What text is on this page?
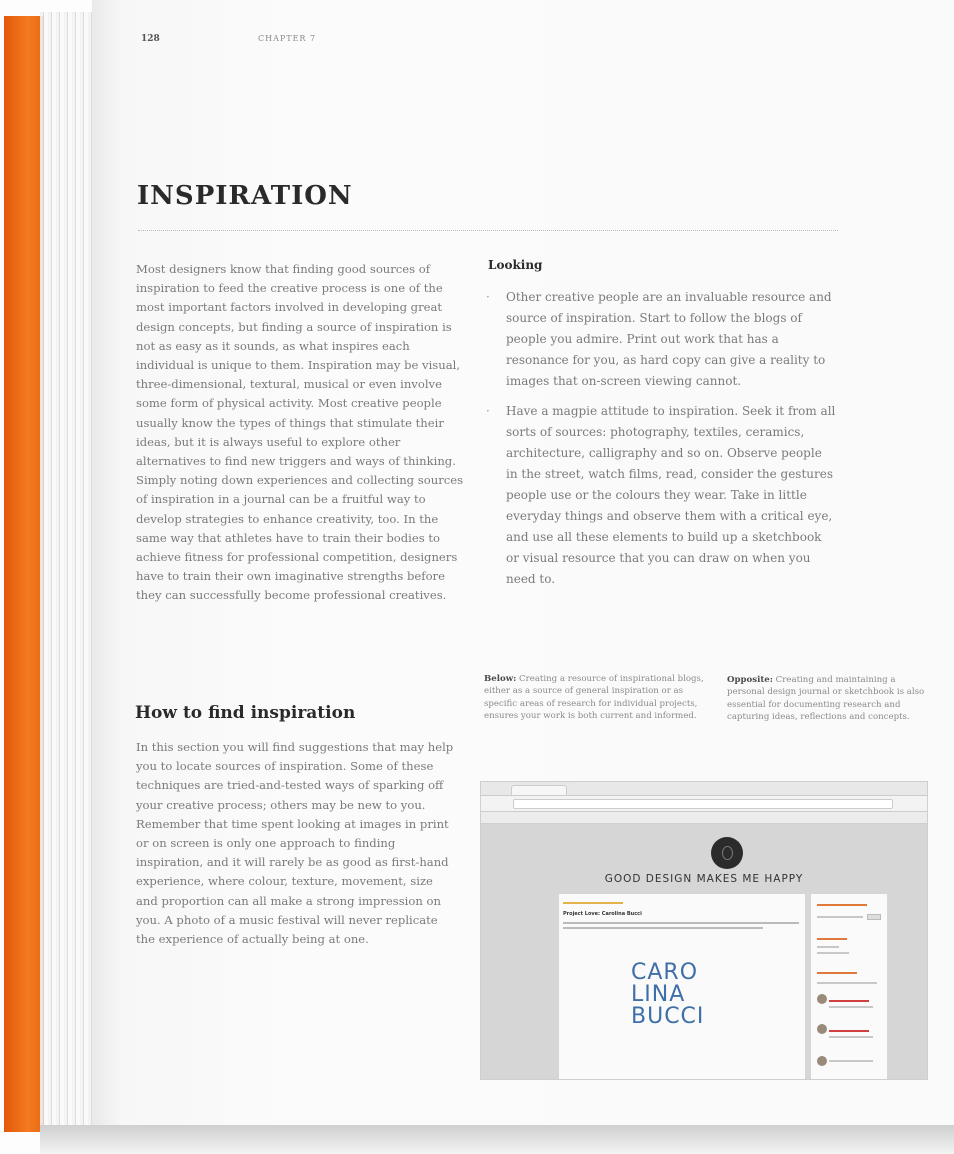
128	CHAPTER 7
INSPIRATION

Most designers know that finding good sources of inspiration to feed the creative process is one of the most important factors involved in developing great design concepts, but finding a source of inspiration is not as easy as it sounds, as what inspires each individual is unique to them. Inspiration may be visual, three-dimensional, textural, musical or even involve some form of physical activity. Most creative people usually know the types of things that stimulate their ideas, but it is always useful to explore other alternatives to find new triggers and ways of thinking. Simply noting down experiences and collecting sources of inspiration in a journal can be a fruitful way to develop strategies to enhance creativity, too. In the same way that athletes have to train their bodies to achieve fitness for professional competition, designers have to train their own imaginative strengths before they can successfully become professional creatives.

How to find inspiration

In this section you will find suggestions that may help you to locate sources of inspiration. Some of these techniques are tried-and-tested ways of sparking off your creative process; others may be new to you. Remember that time spent looking at images in print or on screen is only one approach to finding inspiration, and it will rarely be as good as first-hand experience, where colour, texture, movement, size and proportion can all make a strong impression on you. A photo of a music festival will never replicate the experience of actually being at one.

Looking
· Other creative people are an invaluable resource and source of inspiration. Start to follow the blogs of people you admire. Print out work that has a resonance for you, as hard copy can give a reality to images that on-screen viewing cannot.
· Have a magpie attitude to inspiration. Seek it from all sorts of sources: photography, textiles, ceramics, architecture, calligraphy and so on. Observe people in the street, watch films, read, consider the gestures people use or the colours they wear. Take in little everyday things and observe them with a critical eye, and use all these elements to build up a sketchbook or visual resource that you can draw on when you need to.

Below: Creating a resource of inspirational blogs, either as a source of general inspiration or as specific areas of research for individual projects, ensures your work is both current and informed.

Opposite: Creating and maintaining a personal design journal or sketchbook is also essential for documenting research and capturing ideas, reflections and concepts.

GOOD DESIGN MAKES ME HAPPY
Project Love: Carolina Bucci
CARO
LINA
BUCCI
